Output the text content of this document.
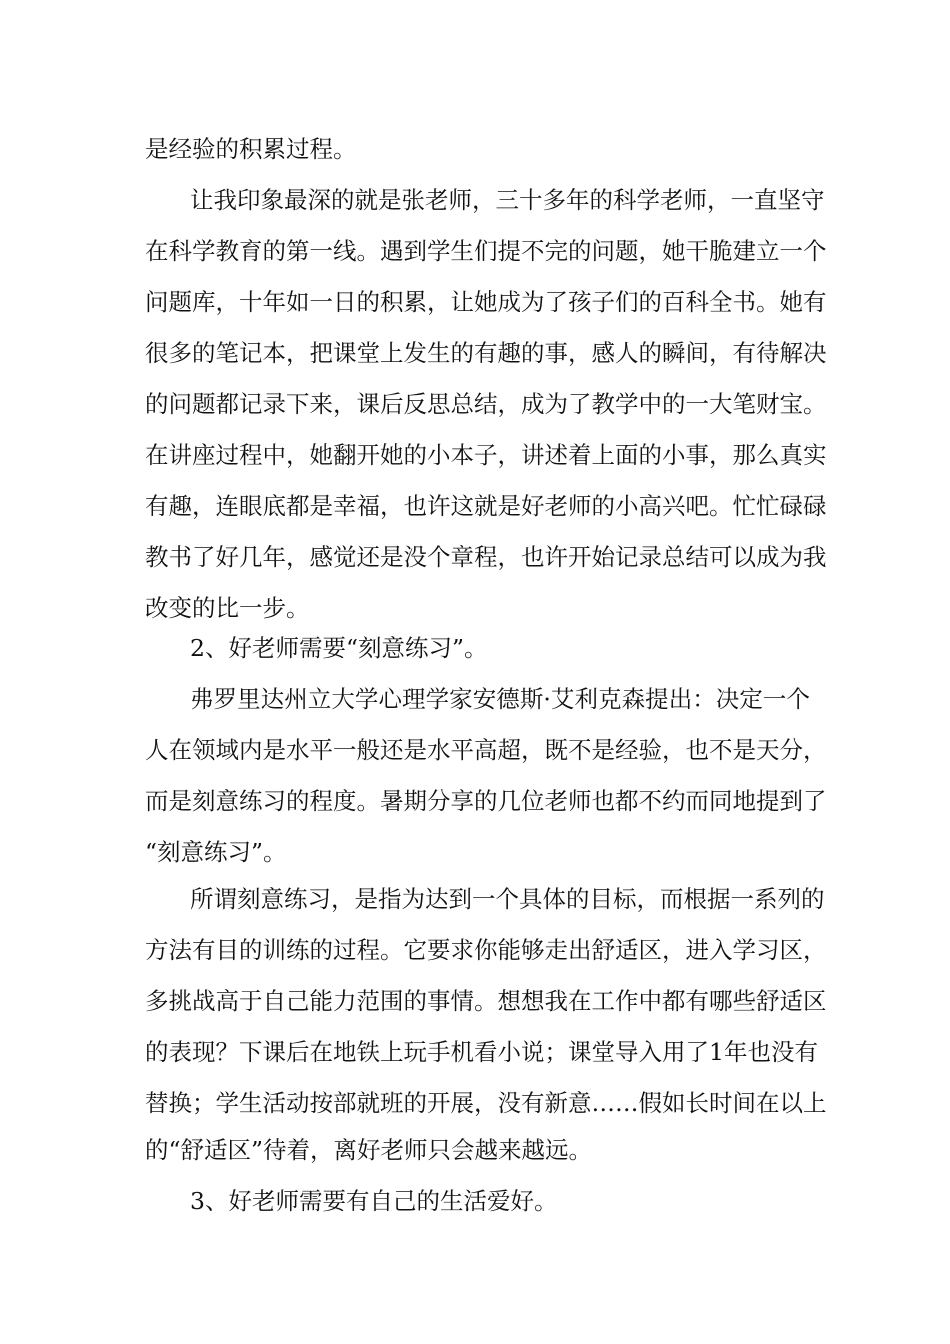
是经验的积累过程。
让我印象最深的就是张老师，三十多年的科学老师，一直坚守
在科学教育的第一线。遇到学生们提不完的问题，她干脆建立一个
问题库，十年如一日的积累，让她成为了孩子们的百科全书。她有
很多的笔记本，把课堂上发生的有趣的事，感人的瞬间，有待解决
的问题都记录下来，课后反思总结，成为了教学中的一大笔财宝。
在讲座过程中，她翻开她的小本子，讲述着上面的小事，那么真实
有趣，连眼底都是幸福，也许这就是好老师的小高兴吧。忙忙碌碌
教书了好几年，感觉还是没个章程，也许开始记录总结可以成为我
改变的比一步。
2、好老师需要“刻意练习”。
弗罗里达州立大学心理学家安德斯·艾利克森提出：决定一个
人在领域内是水平一般还是水平高超，既不是经验，也不是天分，
而是刻意练习的程度。暑期分享的几位老师也都不约而同地提到了
“刻意练习”。
所谓刻意练习，是指为达到一个具体的目标，而根据一系列的
方法有目的训练的过程。它要求你能够走出舒适区，进入学习区，
多挑战高于自己能力范围的事情。想想我在工作中都有哪些舒适区
的表现？下课后在地铁上玩手机看小说；课堂导入用了1年也没有
替换；学生活动按部就班的开展，没有新意……假如长时间在以上
的“舒适区”待着，离好老师只会越来越远。
3、好老师需要有自己的生活爱好。
